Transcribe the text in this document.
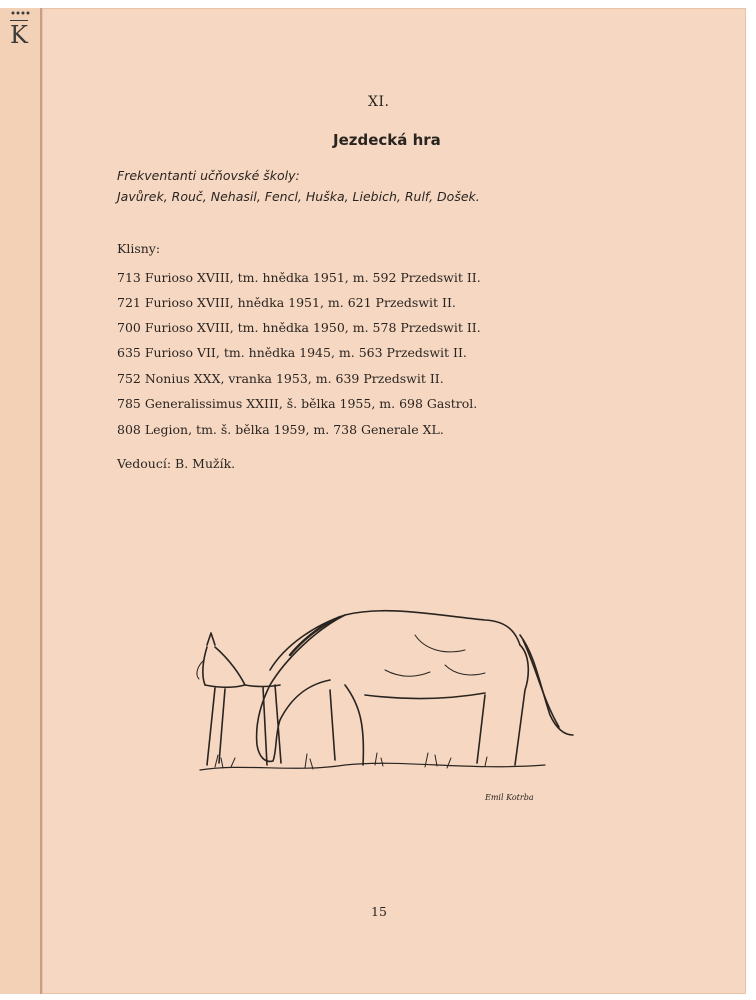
K
XI.
Jezdecká hra
Frekventanti učňovské školy:
Javůrek, Rouč, Nehasil, Fencl, Huška, Liebich, Rulf, Došek.
Klisny:
713 Furioso XVIII, tm. hnědka 1951, m. 592 Przedswit II.
721 Furioso XVIII, hnědka 1951, m. 621 Przedswit II.
700 Furioso XVIII, tm. hnědka 1950, m. 578 Przedswit II.
635 Furioso VII, tm. hnědka 1945, m. 563 Przedswit II.
752 Nonius XXX, vranka 1953, m. 639 Przedswit II.
785 Generalissimus XXIII, š. bělka 1955, m. 698 Gastrol.
808 Legion, tm. š. bělka 1959, m. 738 Generale XL.
Vedoucí: B. Mužík.
Emil Kotrba
15
